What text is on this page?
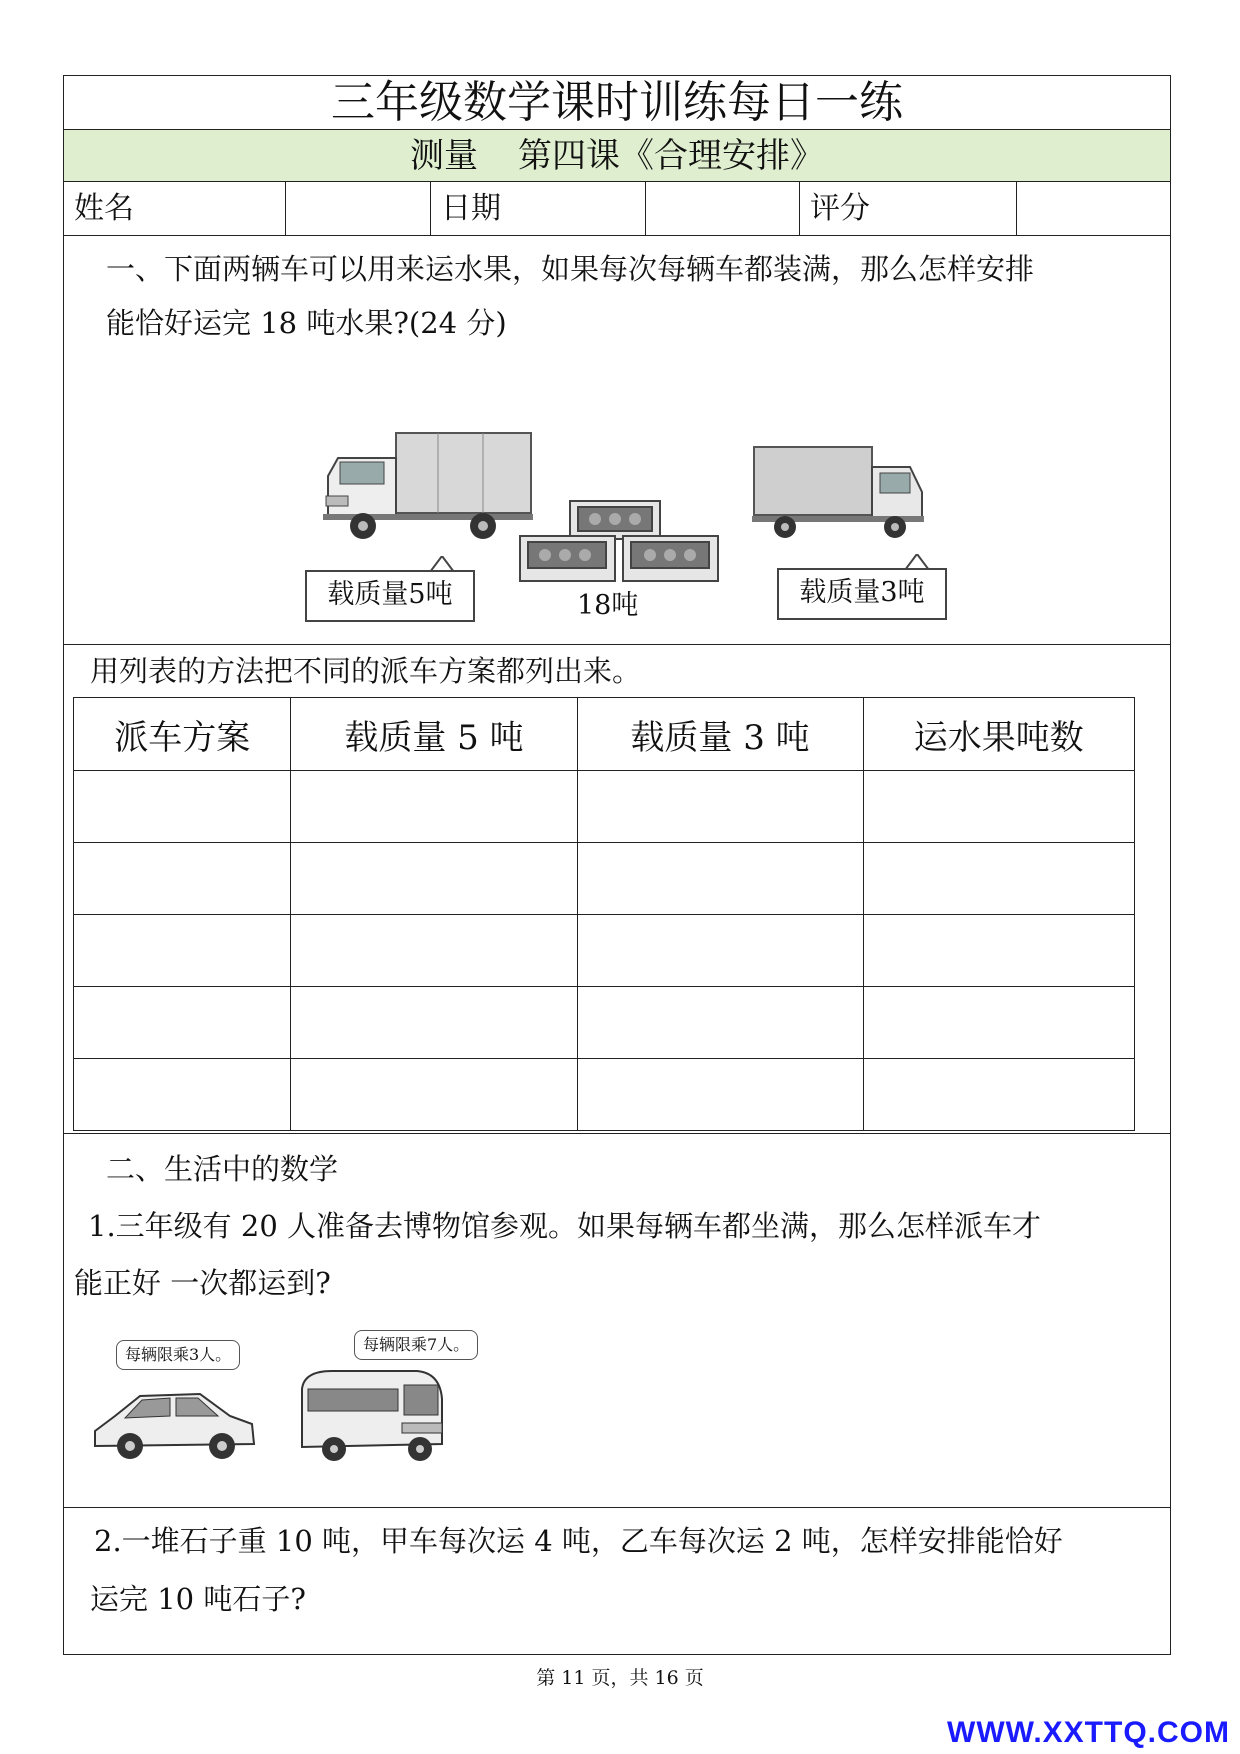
三年级数学课时训练每日一练
测量 第四课《合理安排》
姓名	日期	评分
一、下面两辆车可以用来运水果，如果每次每辆车都装满，那么怎样安排
能恰好运完 18 吨水果?(24 分)
载质量5吨	18吨	载质量3吨
用列表的方法把不同的派车方案都列出来。
派车方案	载质量 5 吨	载质量 3 吨	运水果吨数

二、生活中的数学
1.三年级有 20 人准备去博物馆参观。如果每辆车都坐满，那么怎样派车才
能正好 一次都运到?
每辆限乘3人。
每辆限乘7人。
2.一堆石子重 10 吨，甲车每次运 4 吨，乙车每次运 2 吨，怎样安排能恰好
运完 10 吨石子?
第 11 页，共 16 页
WWW.XXTTQ.COM
